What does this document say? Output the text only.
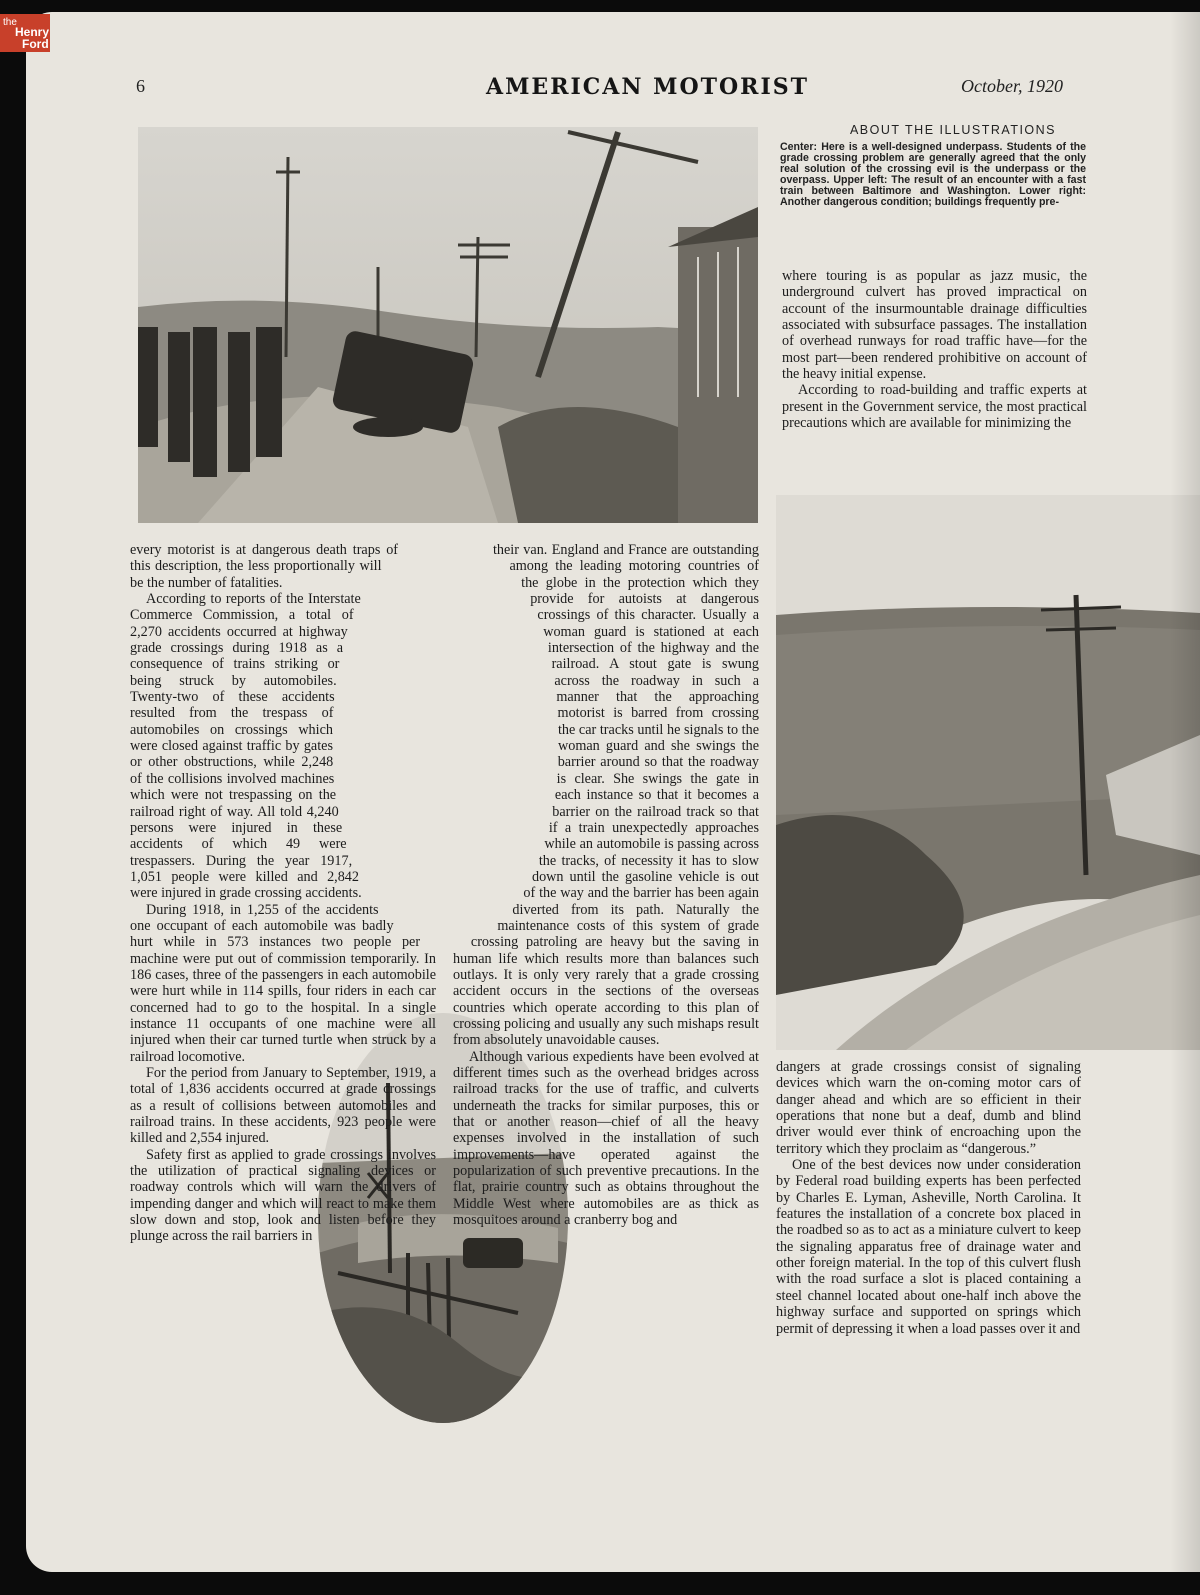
the
Henry
Ford
6	AMERICAN MOTORIST	October, 1920
ABOUT THE ILLUSTRATIONS
Center: Here is a well-designed underpass. Students of the grade crossing problem are generally agreed that the only real solution of the crossing evil is the underpass or the overpass. Upper left: The result of an encounter with a fast train between Baltimore and Washington. Lower right: Another dangerous condition; buildings frequently pre-

where touring is as popular as jazz music, the underground culvert has proved impractical on account of the insurmountable drainage difficulties associated with subsurface passages. The installation of overhead runways for road traffic have—for the most part—been rendered prohibitive on account of the heavy initial expense.

According to road-building and traffic experts at present in the Government service, the most practical precautions which are available for minimizing the

dangers at grade crossings consist of signaling devices which warn the on-coming motor cars of danger ahead and which are so efficient in their operations that none but a deaf, dumb and blind driver would ever think of encroaching upon the territory which they proclaim as “dangerous.”

One of the best devices now under consideration by Federal road building experts has been perfected by Charles E. Lyman, Asheville, North Carolina. It features the installation of a concrete box placed in the roadbed so as to act as a miniature culvert to keep the signaling apparatus free of drainage water and other foreign material. In the top of this culvert flush with the road surface a slot is placed containing a steel channel located about one-half inch above the highway surface and supported on springs which permit of depressing it when a load passes over it and

every motorist is at dangerous death traps of this description, the less proportionally will be the number of fatalities.

According to reports of the Interstate Commerce Commission, a total of 2,270 accidents occurred at highway grade crossings during 1918 as a consequence of trains striking or being struck by automobiles. Twenty-two of these accidents resulted from the trespass of automobiles on crossings which were closed against traffic by gates or other obstructions, while 2,248 of the collisions involved machines which were not trespassing on the railroad right of way. All told 4,240 persons were injured in these accidents of which 49 were trespassers. During the year 1917, 1,051 people were killed and 2,842 were injured in grade crossing accidents.

During 1918, in 1,255 of the accidents one occupant of each automobile was badly hurt while in 573 instances two people per machine were put out of commission temporarily. In 186 cases, three of the passengers in each automobile were hurt while in 114 spills, four riders in each car concerned had to go to the hospital. In a single instance 11 occupants of one machine were all injured when their car turned turtle when struck by a railroad locomotive.

For the period from January to September, 1919, a total of 1,836 accidents occurred at grade crossings as a result of collisions between automobiles and railroad trains. In these accidents, 923 people were killed and 2,554 injured.

Safety first as applied to grade crossings involves the utilization of practical signaling devices or roadway controls which will warn the drivers of impending danger and which will react to make them slow down and stop, look and listen before they plunge across the rail barriers in

their van. England and France are outstanding among the leading motoring countries of the globe in the protection which they provide for autoists at dangerous crossings of this character. Usually a woman guard is stationed at each intersection of the highway and the railroad. A stout gate is swung across the roadway in such a manner that the approaching motorist is barred from crossing the car tracks until he signals to the woman guard and she swings the barrier around so that the roadway is clear. She swings the gate in each instance so that it becomes a barrier on the railroad track so that if a train unexpectedly approaches while an automobile is passing across the tracks, of necessity it has to slow down until the gasoline vehicle is out of the way and the barrier has been again diverted from its path. Naturally the maintenance costs of this system of grade crossing patroling are heavy but the saving in human life which results more than balances such outlays. It is only very rarely that a grade crossing accident occurs in the sections of the overseas countries which operate according to this plan of crossing policing and usually any such mishaps result from absolutely unavoidable causes.

Although various expedients have been evolved at different times such as the overhead bridges across railroad tracks for the use of traffic, and culverts underneath the tracks for similar purposes, this or that or another reason—chief of all the heavy expenses involved in the installation of such improvements—have operated against the popularization of such preventive precautions. In the flat, prairie country such as obtains throughout the Middle West where automobiles are as thick as mosquitoes around a cranberry bog and
